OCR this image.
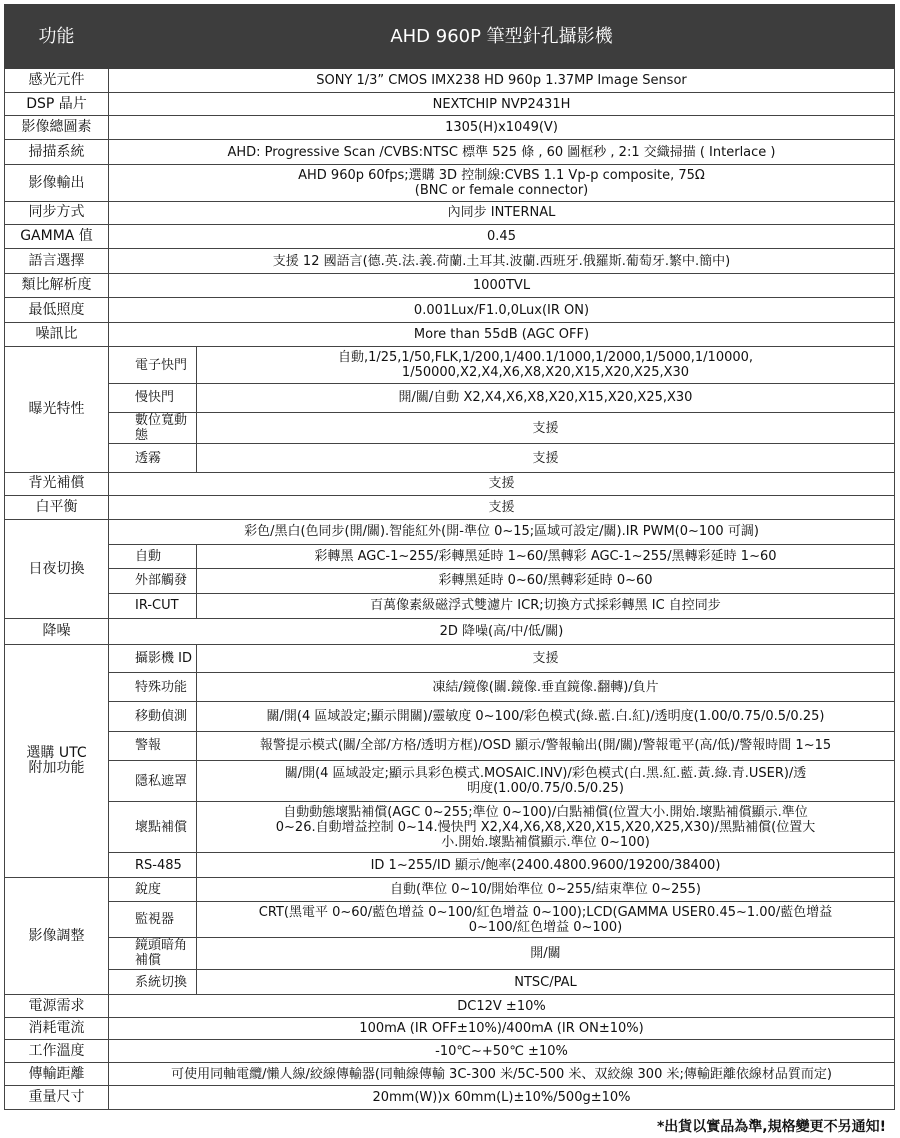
功能	AHD 960P 筆型針孔攝影機	
感光元件	SONY 1/3” CMOS IMX238 HD 960p 1.37MP Image Sensor	
DSP 晶片	NEXTCHIP NVP2431H	
影像總圖素	1305(H)x1049(V)	
掃描系統	AHD: Progressive Scan /CVBS:NTSC 標準 525 條 , 60 圖框秒 , 2:1 交織掃描 ( Interlace )	
影像輸出	AHD 960p 60fps;選購 3D 控制線:CVBS 1.1 Vp-p composite, 75Ω
(BNC or female connector)	

同步方式	內同步 INTERNAL	
GAMMA 值	0.45	
語言選擇	支援 12 國語言(德.英.法.義.荷蘭.土耳其.波蘭.西班牙.俄羅斯.葡萄牙.繁中.簡中)	
類比解析度	1000TVL	
最低照度	0.001Lux/F1.0,0Lux(IR ON)	
噪訊比	More than 55dB (AGC OFF)	
曝光特性	電子快門	自動,1/25,1/50,FLK,1/200,1/400.1/1000,1/2000,1/5000,1/10000,
1/50000,X2,X4,X6,X8,X20,X15,X20,X25,X30

	慢快門	開/關/自動 X2,X4,X6,X8,X20,X15,X20,X25,X30
	數位寬動態	支援
	透霧	支援
背光補償	支援	
白平衡	支援	
日夜切換	彩色/黑白(色同步(開/關).智能紅外(開-準位 0~15;區域可設定/關).IR PWM(0~100 可調)	
	自動	彩轉黑 AGC-1~255/彩轉黑延時 1~60/黑轉彩 AGC-1~255/黑轉彩延時 1~60
	外部觸發	彩轉黑延時 0~60/黑轉彩延時 0~60
	IR-CUT	百萬像素級磁浮式雙濾片 ICR;切換方式採彩轉黑 IC 自控同步
降噪	2D 降噪(高/中/低/關)	

選購 UTC
附加功能	攝影機 ID	支援
	特殊功能	凍結/鏡像(關.鏡像.垂直鏡像.翻轉)/負片
	移動偵測	關/開(4 區域設定;顯示開關)/靈敏度 0~100/彩色模式(綠.藍.白.紅)/透明度(1.00/0.75/0.5/0.25)
	警報	報警提示模式(關/全部/方格/透明方框)/OSD 顯示/警報輸出(開/關)/警報電平(高/低)/警報時間 1~15
	隱私遮罩	關/開(4 區域設定;顯示具彩色模式.MOSAIC.INV)/彩色模式(白.黑.紅.藍.黃.綠.青.USER)/透
明度(1.00/0.75/0.5/0.25)

	壞點補償	自動動態壞點補償(AGC 0~255;準位 0~100)/白點補償(位置大小.開始.壞點補償顯示.準位
0~26.自動增益控制 0~14.慢快門 X2,X4,X6,X8,X20,X15,X20,X25,X30)/黑點補償(位置大
小.開始.壞點補償顯示.準位 0~100)

	RS-485	ID 1~255/ID 顯示/飽率(2400.4800.9600/19200/38400)
影像調整	銳度	自動(準位 0~10/開始準位 0~255/結束準位 0~255)
	監視器	CRT(黑電平 0~60/藍色增益 0~100/紅色增益 0~100);LCD(GAMMA USER0.45~1.00/藍色增益
0~100/紅色增益 0~100)

	鏡頭暗角補償	開/關
	系統切換	NTSC/PAL
電源需求	DC12V ±10%	
消耗電流	100mA (IR OFF±10%)/400mA (IR ON±10%)	
工作溫度	-10℃~+50℃ ±10%	
傳輸距離	可使用同軸電纜/懶人線/絞線傳輸器(同軸線傳輸 3C-300 米/5C-500 米、双絞線 300 米;傳輸距離依線材品質而定)	
重量尺寸	20mm(W))x 60mm(L)±10%/500g±10%	
*出貨以實品為準,規格變更不另通知!
